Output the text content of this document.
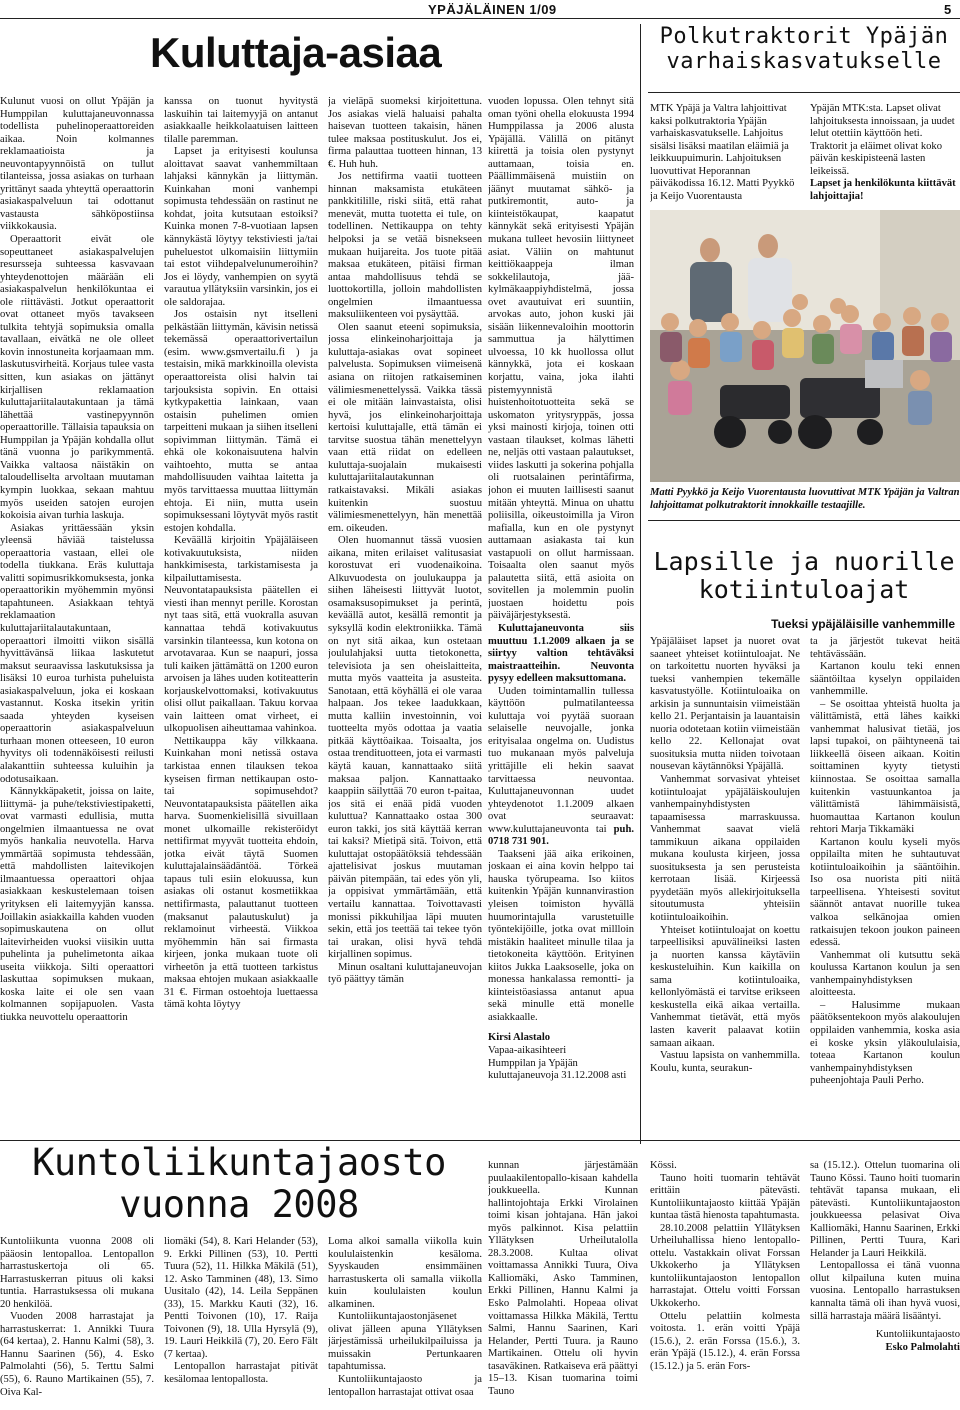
YPÄJÄLÄINEN 1/09	5
Kuluttaja-asiaa

Kulunut vuosi on ollut Ypäjän ja Humppilan kuluttajaneuvonnassa todellista puhelinoperaattoreiden aikaa. Noin kolmannes reklamaatioista ja neuvontapyynnöistä on tullut tilanteissa, jossa asiakas on turhaan yrittänyt saada yhteyttä operaattorin asiakaspalveluun tai odottanut vastausta sähköpostiinsa viikkokausia.

Operaattorit eivät ole sopeuttaneet asiakaspalvelujen resursseja suhteessa kasvavaan yhteydenottojen määrään eli asiakaspalvelun henkilökuntaa ei ole riittävästi. Jotkut operaattorit ovat ottaneet myös tavakseen tulkita tehtyjä sopimuksia omalla tavallaan, eivätkä ne ole olleet kovin innostuneita korjaamaan mm. laskutusvirheitä. Korjaus tulee vasta sitten, kun asiakas on jättänyt kirjallisen reklamaation kuluttajariitalautakuntaan ja tämä lähettää vastinepyynnön operaattorille. Tällaisia tapauksia on Humppilan ja Ypäjän kohdalla ollut tänä vuonna jo parikymmentä. Vaikka valtaosa näistäkin on taloudelliselta arvoltaan muutaman kympin luokkaa, sekaan mahtuu myös useiden satojen eurojen kokoisia aivan turhia laskuja.

Asiakas yrittäessään yksin yleensä häviää taistelussa operaattoria vastaan, ellei ole todella tiukkana. Eräs kuluttaja valitti sopimusrikkomuksesta, jonka operaattorikin myöhemmin myönsi tapahtuneen. Asiakkaan tehtyä reklamaation kuluttajariitalautakuntaan, operaattori ilmoitti viikon sisällä hyvittävänsä liikaa laskutetut maksut seuraavissa laskutuksissa ja lisäksi 10 euroa turhista puheluista asiakaspalveluun, joka ei koskaan vastannut. Koska itsekin yritin saada yhteyden kyseisen operaattorin asiakaspalveluun turhaan monen otteeseen, 10 euron hyvitys oli todennäköisesti reilusti alakanttiin suhteessa kuluihin ja odotusaikaan.

Kännykkäpaketit, joissa on laite, liittymä- ja puhe/tekstiviestipaketti, ovat varmasti edullisia, mutta ongelmien ilmaantuessa ne ovat myös hankalia neuvotella. Harva ymmärtää sopimusta tehdessään, että mahdollisten laitevikojen ilmaantuessa operaattori ohjaa asiakkaan keskustelemaan toisen yrityksen eli laitemyyjän kanssa. Joillakin asiakkailla kahden vuoden sopimuskautena on ollut laitevirheiden vuoksi viisikin uutta puhelinta ja puhelimetonta aikaa useita viikkoja. Silti operaattori laskuttaa sopimuksen mukaan, koska laite ei ole sen vaan kolmannen sopijapuolen. Vasta tiukka neuvottelu operaattorin

kanssa on tuonut hyvitystä laskuihin tai laitemyyjä on antanut asiakkaalle heikkolaatuisen laitteen tilalle paremman.

Lapset ja erityisesti koulunsa aloittavat saavat vanhemmiltaan lahjaksi kännykän ja liittymän. Kuinkahan moni vanhempi sopimusta tehdessään on rastinut ne kohdat, joita kutsutaan estoiksi? Kuinka monen 7-8-vuotiaan lapsen kännykästä löytyy tekstiviesti ja/tai puheluestot ulkomaisiin liittymiin tai estot viihdepalvelunumeroihin? Jos ei löydy, vanhempien on syytä varautua yllätyksiin varsinkin, jos ei ole saldorajaa.

Jos ostaisin nyt itselleni pelkästään liittymän, kävisin netissä tekemässä operaattorivertailun (esim. www.gsmvertailu.fi ) ja testaisin, mikä markkinoilla olevista operaattoreista olisi halvin tai tarjouksista sopivin. En ottaisi kytkypakettia lainkaan, vaan ostaisin puhelimen omien tarpeitteni mukaan ja siihen itselleni sopivimman liittymän. Tämä ei ehkä ole kokonaisuutena halvin vaihtoehto, mutta se antaa mahdollisuuden vaihtaa laitetta ja myös tarvittaessa muuttaa liittymän ehtoja. Ei niin, mutta usein sopimuksessani löytyvät myös rastit estojen kohdalla.

Keväällä kirjoitin Ypäjäläiseen kotivakuutuksista, niiden hankkimisesta, tarkistamisesta ja kilpailuttamisesta. Neuvontatapauksista päätellen ei viesti ihan mennyt perille. Korostan nyt taas sitä, että vuokralla asuvan kannattaa tehdä kotivakuutus varsinkin tilanteessa, kun kotona on arvotavaraa. Kun se naapuri, jossa tuli kaiken jättämättä on 1200 euron arvoisen ja lähes uuden kotiteatterin korjauskelvottomaksi, kotivakuutus olisi ollut paikallaan. Takuu korvaa vain laitteen omat virheet, ei ulkopuolisen aiheuttamaa vahinkoa.

Nettikauppa käy vilkkaana. Kuinkahan moni netissä ostava tarkistaa ennen tilauksen tekoa kyseisen firman nettikaupan osto- tai sopimusehdot? Neuvontatapauksista päätellen aika harva. Suomenkielisillä sivuillaan monet ulkomaille rekisteröidyt nettifirmat myyvät tuotteita ehdoin, jotka eivät täytä Suomen kuluttajalainsäädäntöä. Törkeä tapaus tuli esiin elokuussa, kun asiakas oli ostanut kosmetiikkaa nettifirmasta, palauttanut tuotteen (maksanut palautuskulut) ja reklamoinut virheestä. Viikkoa myöhemmin hän sai firmasta kirjeen, jonka mukaan tuote oli virheetön ja että tuotteen tarkistus maksaa ehtojen mukaan asiakkaalle 31 €. Firman ostoehtoja luettaessa tämä kohta löytyy

ja vieläpä suomeksi kirjoitettuna. Jos asiakas vielä haluaisi pahalta haisevan tuotteen takaisin, hänen tulee maksaa postituskulut. Jos ei, firma palauttaa tuotteen hinnan, 13 €. Huh huh.

Jos nettifirma vaatii tuotteen hinnan maksamista etukäteen pankkitilille, riski siitä, että rahat menevät, mutta tuotetta ei tule, on todellinen. Nettikauppa on tehty helpoksi ja se vetää bisnekseen mukaan huijareita. Jos tuote pitää maksaa etukäteen, pitäisi firman antaa mahdollisuus tehdä se luottokortilla, jolloin mahdollisten ongelmien ilmaantuessa maksuliikenteen voi pysäyttää.

Olen saanut eteeni sopimuksia, jossa elinkeinoharjoittaja ja kuluttaja-asiakas ovat sopineet palvelusta. Sopimuksen viimeisenä asiana on riitojen ratkaiseminen välimiesmenettelyssä. Vaikka tässä ei ole mitään lainvastaista, olisi hyvä, jos elinkeinoharjoittaja kertoisi kuluttajalle, että tämän ei tarvitse suostua tähän menettelyyn vaan että riidat on edelleen kuluttaja-suojalain mukaisesti kuluttajariitalautakunnan ratkaistavaksi. Mikäli asiakas kuitenkin suostuu välimiesmenettelyyn, hän menettää em. oikeuden.

Olen huomannut tässä vuosien aikana, miten erilaiset valitusasiat korostuvat eri vuodenaikoina. Alkuvuodesta on joulukauppa ja siihen läheisesti liittyvät luotot, osamaksusopimukset ja perintä, keväällä autot, kesällä remontit ja syksyllä kodin elektroniikka. Tämä on nyt sitä aikaa, kun ostetaan joululahjaksi uutta tietokonetta, televisiota ja sen oheislaitteita, mutta myös vaatteita ja asusteita. Sanotaan, että köyhällä ei ole varaa halpaan. Jos tekee laadukkaan, mutta kalliin investoinnin, voi tuotteelta myös odottaa ja vaatia pitkää käyttöaikaa. Toisaalta, jos ostaa trendituotteen, jota ei varmasti käytä kauan, kannattaako siitä maksaa paljon. Kannattaako kaappiin säilyttää 70 euron t-paitaa, jos sitä ei enää pidä vuoden kuluttua? Kannattaako ostaa 300 euron takki, jos sitä käyttää kerran tai kaksi? Mietipä sitä. Toivon, että kuluttajat ostopäätöksiä tehdessään ajattelisivat joskus muutaman päivän pitempään, tai edes yön yli, ja oppisivat ymmärtämään, että vertailu kannattaa. Toivottavasti monissi pikkuhiljaa läpi muuten sekin, että jos teettää tai tekee työn tai urakan, olisi hyvä tehdä kirjallinen sopimus.

Minun osaltani kuluttajaneuvojan työ päättyy tämän

vuoden lopussa. Olen tehnyt sitä oman työni ohella elokuusta 1994 Humppilassa ja 2006 alusta Ypäjällä. Välillä on pitänyt kiirettä ja toisia olen pystynyt auttamaan, toisia en. Päällimmäisenä muistiin on jäänyt muutamat sähkö- ja putkiremontit, auto- ja kiinteistökaupat, kaapatut kännykät sekä erityisesti Ypäjän mukana tulleet hevosiin liittyneet asiat. Väliin on mahtunut keittiökaappeja ilman sokkelilautoja, jää-kylmäkaappiyhdistelmä, jossa ovet avautuivat eri suuntiin, arvokas auto, johon kuski jäi sisään liikennevaloihin moottorin sammuttua ja hälyttimen ulvoessa, 10 kk huollossa ollut kännykkä, jota ei koskaan korjattu, vaina, joka ilahti pistemyynnistä huistenhoitotuotteita sekä se uskomaton yritysryppäs, jossa yksi mainosti kirjoja, toinen otti vastaan tilaukset, kolmas lähetti ne, neljäs otti vastaan palautukset, viides laskutti ja sokerina pohjalla oli ruotsalainen perintäfirma, johon ei muuten laillisesti saanut mitään yhteyttä. Minua on uhattu poliisilla, oikeustoimilla ja Viron mafialla, kun en ole pystynyt auttamaan asiakasta tai kun vastapuoli on ollut harmissaan. Toisaalta olen saanut myös palautetta siitä, että asioita on sovitellen ja molemmin puolin juostaen hoidettu pois päiväjärjestyksestä.

Kuluttajaneuvonta siis muuttuu 1.1.2009 alkaen ja se siirtyy valtion tehtäväksi maistraatteihin. Neuvonta pysyy edelleen maksuttomana.

Uuden toimintamallin tullessa käyttöön pulmatilanteessa kuluttaja voi pyytää suoraan selaiselle neuvojalle, jonka erityisalaa ongelma on. Uudistus tuo mukanaan myös palveluja yrittäjille eli hekin saavat tarvittaessa neuvontaa. Kuluttajaneuvonnan uudet yhteydenotot 1.1.2009 alkaen ovat seuraavat: www.kuluttajaneuvonta tai puh. 0718 731 901.

Taakseni jää aika erikoinen, joskaan ei aina kovin helppo tai hauska työrupeama. Iso kiitos kuitenkin Ypäjän kunnanvirastion yleisen toimiston hyvällä huumorintajulla varustetuille työntekijöille, jotka ovat millloin mistäkin haaliteet minulle tilaa ja tietokoneita käyttöön. Erityinen kiitos Jukka Laaksoselle, joka on monessa hankalassa remontti- ja kiinteistöasiassa antanut apua sekä minulle että monelle asiakkaalle.

Kirsi Alastalo

Vapaa-aikasihteeri

Humppilan ja Ypäjän kuluttajaneuvoja 31.12.2008 asti

Polkutraktorit Ypäjän
varhaiskasvatukselle

MTK Ypäjä ja Valtra lahjoittivat kaksi polkutraktoria Ypäjän varhaiskasvatukselle. Lahjoitus sisälsi lisäksi maatilan eläimiä ja leikkuupuimurin. Lahjoituksen luovuttivat Heporannan päiväkodissa 16.12. Matti Pyykkö ja Keijo Vuorentausta

Ypäjän MTK:sta. Lapset olivat lahjoituksesta innoissaan, ja uudet lelut otettiin käyttöön heti. Traktorit ja eläimet olivat koko päivän keskipisteenä lasten leikeissä.

Lapset ja henkilökunta kiittävät lahjoittajia!

Matti Pyykkö ja Keijo Vuorentausta luovuttivat MTK Ypäjän ja Valtran lahjoittamat polkutraktorit innokkaille testaajille.
Lapsille ja nuorille
kotiintuloajat
Tueksi ypäjäläisille vanhemmille

Ypäjäläiset lapset ja nuoret ovat saaneet yhteiset kotiintuloajat. Ne on tarkoitettu nuorten hyväksi ja tueksi vanhempien tekemälle kasvatustyölle. Kotiintuloaika on arkisin ja sunnuntaisin viimeistään kello 21. Perjantaisin ja lauantaisin nuoria odotetaan kotiin viimeistään kello 22. Kellonajat ovat suosituksia mutta niiden toivotaan nousevan käytännöksi Ypäjällä.

Vanhemmat sorvasivat yhteiset kotiintuloajat ypäjäläiskoulujen vanhempainyhdistysten tapaamisessa marraskuussa. Vanhemmat saavat vielä tammikuun aikana oppilaiden mukana koulusta kirjeen, jossa suosituksesta ja sen perusteista kerrotaan lisää. Kirjeessä pyydetään myös allekirjoituksella sitoutumusta yhteisiin kotiintuloaikoihin.

Yhteiset kotiintuloajat on koettu tarpeellisiksi apuvälineiksi lasten ja nuorten kanssa käytäviin keskusteluihin. Kun kaikilla on sama kotiintuloaika, kellonlyömästä ei tarvitse erikseen keskustella eikä aikaa vertailla. Vanhemmat tietävät, että myös lasten kaverit palaavat kotiin samaan aikaan.

Vastuu lapsista on vanhemmilla. Koulu, kunta, seurakun-

ta ja järjestöt tukevat heitä tehtävässään.

Kartanon koulu teki ennen sääntöiltaa kyselyn oppilaiden vanhemmille.

– Se osoittaa yhteistä huolta ja välittämistä, että lähes kaikki vanhemmat halusivat tietää, jos lapsi tupakoi, on päihtyneenä tai liikkeellä öiseen aikaan. Koitin soittaminen kyyty tietysti kiinnostaa. Se osoittaa samalla kuitenkin vastuunkantoa ja välittämistä lähimmäisistä, huomauttaa Kartanon koulun rehtori Marja Tikkamäki

Kartanon koulu kyseli myös oppilailta miten he suhtautuvat kotiintuloaikoihin ja sääntöihin. Iso osa nuorista piti niitä tarpeellisena. Yhteisesti sovitut säännöt antavat nuorille tukea valkoa selkänojaa omien ratkaisujen tekoon joukon paineen edessä.

Vanhemmat oli kutsuttu sekä koulussa Kartanon koulun ja sen vanhempainyhdistyksen aloitteesta.

– Halusimme mukaan päätöksentekoon myös alakoulujen oppilaiden vanhemmia, koska asia ei koske yksin yläkoululaisia, toteaa Kartanon koulun vanhempainyhdistyksen puheenjohtaja Pauli Perho.

Kuntoliikuntajaosto
vuonna 2008

Kuntoliikunta vuonna 2008 oli pääosin lentopalloa. Lentopallon harrastuskertoja oli 65. Harrastuskerran pituus oli kaksi tuntia. Harrastuksessa oli mukana 20 henkilöä.

Vuoden 2008 harrastajat ja harrastuskerrat: 1. Annikki Tuura (64 kertaa), 2. Hannu Kalmi (58), 3. Hannu Saarinen (56), 4. Esko Palmolahti (56), 5. Terttu Salmi (55), 6. Rauno Martikainen (55), 7. Oiva Kal-

liomäki (54), 8. Kari Helander (53), 9. Erkki Pillinen (53), 10. Pertti Tuura (52), 11. Hilkka Mäkilä (51), 12. Asko Tamminen (48), 13. Simo Uusitalo (42), 14. Leila Seppänen (33), 15. Markku Kauti (32), 16. Pentti Toivonen (10), 17. Raija Toivonen (9), 18. Ulla Hyrsylä (9), 19. Lauri Heikkilä (7), 20. Eero Fält (7 kertaa).

Lentopallon harrastajat pitivät kesälomaa lentopallosta.

Loma alkoi samalla viikolla kuin koululaistenkin kesäloma. Syyskauden ensimmäinen harrastuskerta oli samalla viikolla kuin koululaisten koulun alkaminen.

Kuntoliikuntajaostonjäsenet olivat jälleen apuna Yllätyksen järjestämissä urheilukilpailuissa ja muissakin Pertunkaaren tapahtumissa.

Kuntoliikuntajaosto ja lentopallon harrastajat ottivat osaa

kunnan järjestämään puulaakilentopallo-kisaan kahdella joukkueella. Kunnan hallintojohtaja Erkki Virolainen toimi kisan johtajana. Hän jakoi myös palkinnot. Kisa pelattiin Yllätyksen Urheilutalolla 28.3.2008. Kultaa olivat voittamassa Annikki Tuura, Oiva Kalliomäki, Asko Tamminen, Erkki Pillinen, Hannu Kalmi ja Esko Palmolahti. Hopeaa olivat voittamassa Hilkka Mäkilä, Terttu Salmi, Hannu Saarinen, Kari Helander, Pertti Tuura. ja Rauno Martikainen. Ottelu oli hyvin tasaväkinen. Ratkaiseva erä päättyi 15–13. Kisan tuomarina toimi Tauno

Kössi.

Tauno hoiti tuomarin tehtävät erittäin pätevästi. Kuntoliikuntajaosto kiittää Ypäjän kuntaa tästä hienosta tapahtumasta.

28.10.2008 pelattiin Yllätyksen Urheiluhallissa hieno lentopallo-ottelu. Vastakkain olivat Forssan Ukkokerho ja Yllätyksen kuntoliikuntajaoston lentopallon harrastajat. Ottelu voitti Forssan Ukkokerho.

Ottelu pelattiin kolmesta voitosta. 1. erän voitti Ypäjä (15.6.), 2. erän Forssa (15.6.), 3. erän Ypäjä (15.12.), 4. erän Forssa (15.12.) ja 5. erän Fors-

sa (15.12.). Ottelun tuomarina oli Tauno Kössi. Tauno hoiti tuomarin tehtävät tapansa mukaan, eli pätevästi. Kuntoliikuntajaoston joukkueessa pelasivat Oiva Kalliomäki, Hannu Saarinen, Erkki Pillinen, Pertti Tuura, Kari Helander ja Lauri Heikkilä.

Lentopallossa ei tänä vuonna ollut kilpailuna kuten muina vuosina. Lentopallo harrastuksen kannalta tämä oli ihan hyvä vuosi, sillä harrastaja määrä lisääntyi.

Kuntoliikuntajaosto

Esko Palmolahti
